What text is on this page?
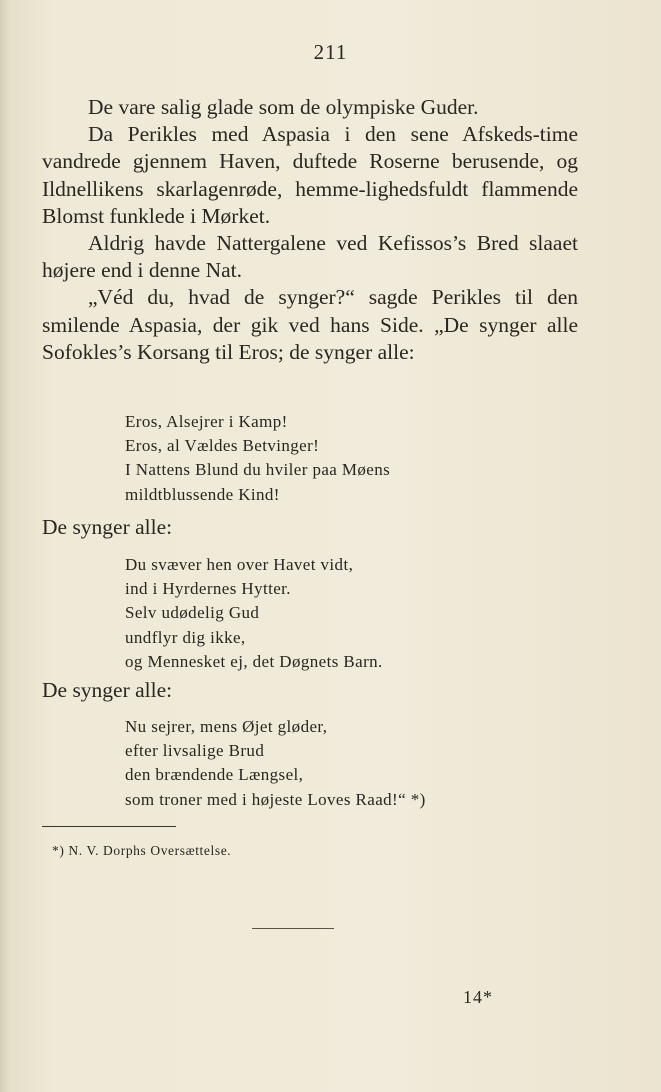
211

De vare salig glade som de olympiske Guder.

Da Perikles med Aspasia i den sene Afskeds-time vandrede gjennem Haven, duftede Roserne berusende, og Ildnellikens skarlagenrøde, hemme-lighedsfuldt flammende Blomst funklede i Mørket.

Aldrig havde Nattergalene ved Kefissos’s Bred slaaet højere end i denne Nat.

„Véd du, hvad de synger?“ sagde Perikles til den smilende Aspasia, der gik ved hans Side. „De synger alle Sofokles’s Korsang til Eros; de synger alle:

Eros, Alsejrer i Kamp!
Eros, al Vældes Betvinger!
I Nattens Blund du hviler paa Møens
mildtblussende Kind!
De synger alle:
Du svæver hen over Havet vidt,
ind i Hyrdernes Hytter.
Selv udødelig Gud
undflyr dig ikke,
og Mennesket ej, det Døgnets Barn.
De synger alle:
Nu sejrer, mens Øjet gløder,
efter livsalige Brud
den brændende Længsel,
som troner med i højeste Loves Raad!“ *)
*) N. V. Dorphs Oversættelse.
14*
